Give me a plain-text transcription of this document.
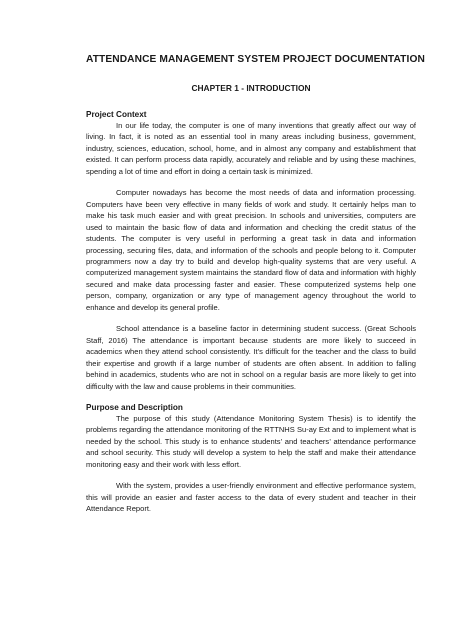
ATTENDANCE MANAGEMENT SYSTEM PROJECT DOCUMENTATION
CHAPTER 1 - INTRODUCTION
Project Context

In our life today, the computer is one of many inventions that greatly affect our way of living. In fact, it is noted as an essential tool in many areas including business, government, industry, sciences, education, school, home, and in almost any company and establishment that existed. It can perform process data rapidly, accurately and reliable and by using these machines, spending a lot of time and effort in doing a certain task is minimized.

Computer nowadays has become the most needs of data and information processing. Computers have been very effective in many fields of work and study. It certainly helps man to make his task much easier and with great precision. In schools and universities, computers are used to maintain the basic flow of data and information and checking the credit status of the students. The computer is very useful in performing a great task in data and information processing, securing files, data, and information of the schools and people belong to it. Computer programmers now a day try to build and develop high-quality systems that are very useful. A computerized management system maintains the standard flow of data and information with highly secured and make data processing faster and easier. These computerized systems help one person, company, organization or any type of management agency throughout the world to enhance and develop its general profile.

School attendance is a baseline factor in determining student success. (Great Schools Staff, 2016) The attendance is important because students are more likely to succeed in academics when they attend school consistently. It’s difficult for the teacher and the class to build their expertise and growth if a large number of students are often absent. In addition to falling behind in academics, students who are not in school on a regular basis are more likely to get into difficulty with the law and cause problems in their communities.

Purpose and Description

The purpose of this study (Attendance Monitoring System Thesis) is to identify the problems regarding the attendance monitoring of the RTTNHS Su-ay Ext and to implement what is needed by the school. This study is to enhance students’ and teachers’ attendance performance and school security. This study will develop a system to help the staff and make their attendance monitoring easy and their work with less effort.

With the system, provides a user-friendly environment and effective performance system, this will provide an easier and faster access to the data of every student and teacher in their Attendance Report.
